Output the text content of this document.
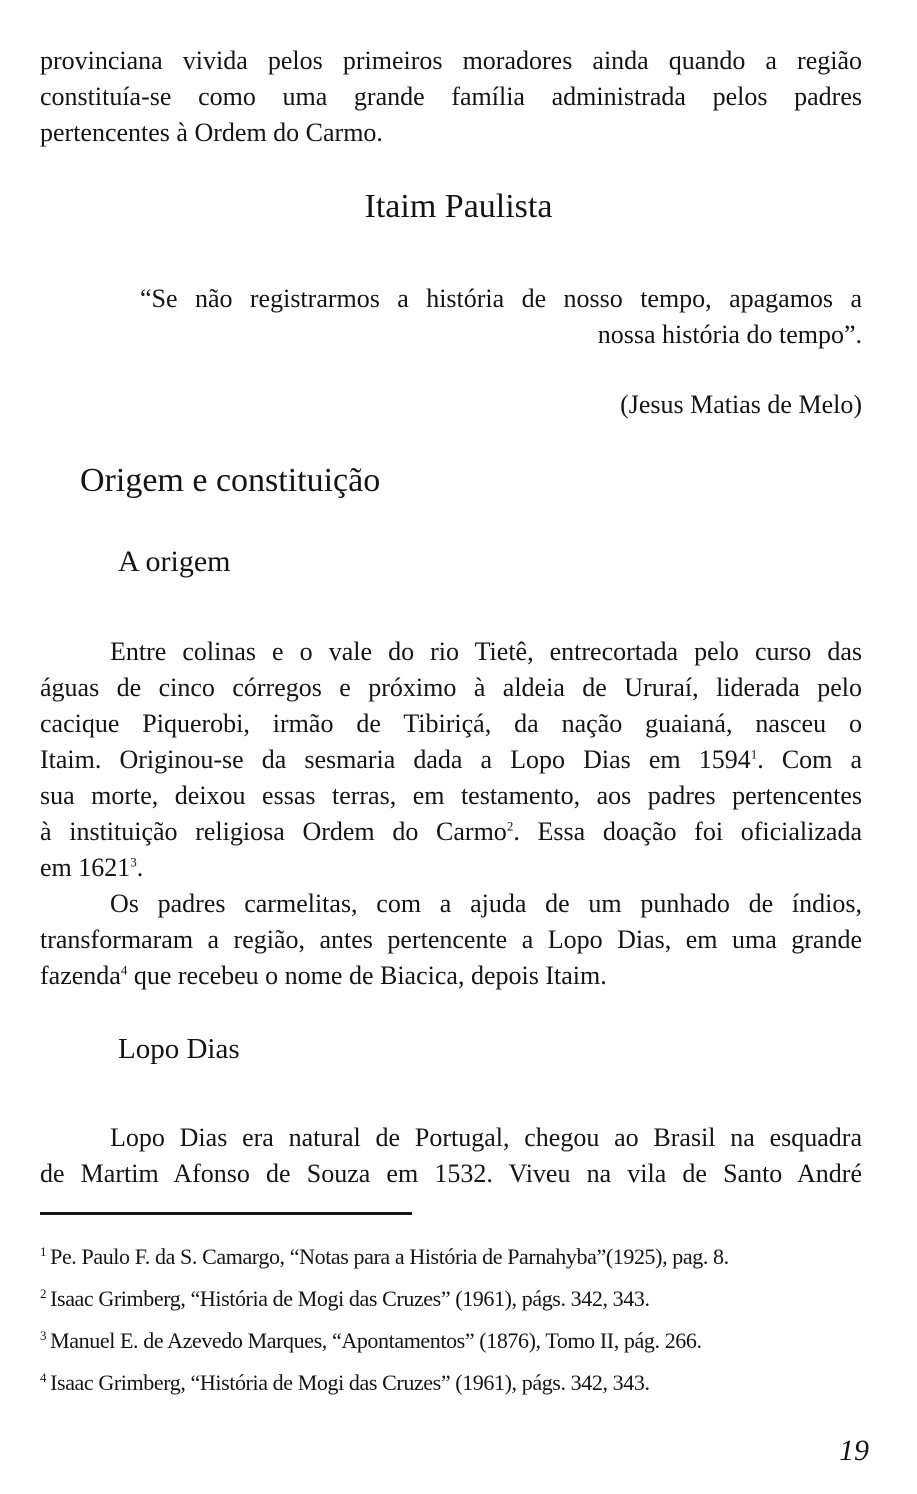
provinciana vivida pelos primeiros moradores ainda quando a região
constituía-se como uma grande família administrada pelos padres
pertencentes à Ordem do Carmo.

Itaim Paulista

“Se não registrarmos a história de nosso tempo, apagamos a
nossa história do tempo”.

(Jesus Matias de Melo)

Origem e constituição
A origem

Entre colinas e o vale do rio Tietê, entrecortada pelo curso das
águas de cinco córregos e próximo à aldeia de Ururaí, liderada pelo
cacique Piquerobi, irmão de Tibiriçá, da nação guaianá, nasceu o
Itaim. Originou-se da sesmaria dada a Lopo Dias em 1594$^1$. Com a
sua morte, deixou essas terras, em testamento, aos padres pertencentes
à instituição religiosa Ordem do Carmo$^2$. Essa doação foi oficializada
em 1621$^3$.

Os padres carmelitas, com a ajuda de um punhado de índios,
transformaram a região, antes pertencente a Lopo Dias, em uma grande
fazenda$^4$ que recebeu o nome de Biacica, depois Itaim.

Lopo Dias

Lopo Dias era natural de Portugal, chegou ao Brasil na esquadra
de Martim Afonso de Souza em 1532. Viveu na vila de Santo André

$^1$ Pe. Paulo F. da S. Camargo, “Notas para a História de Parnahyba”(1925), pag. 8.
$^2$ Isaac Grimberg, “História de Mogi das Cruzes” (1961), págs. 342, 343.
$^3$ Manuel E. de Azevedo Marques, “Apontamentos” (1876), Tomo II, pág. 266.
$^4$ Isaac Grimberg, “História de Mogi das Cruzes” (1961), págs. 342, 343.
19
